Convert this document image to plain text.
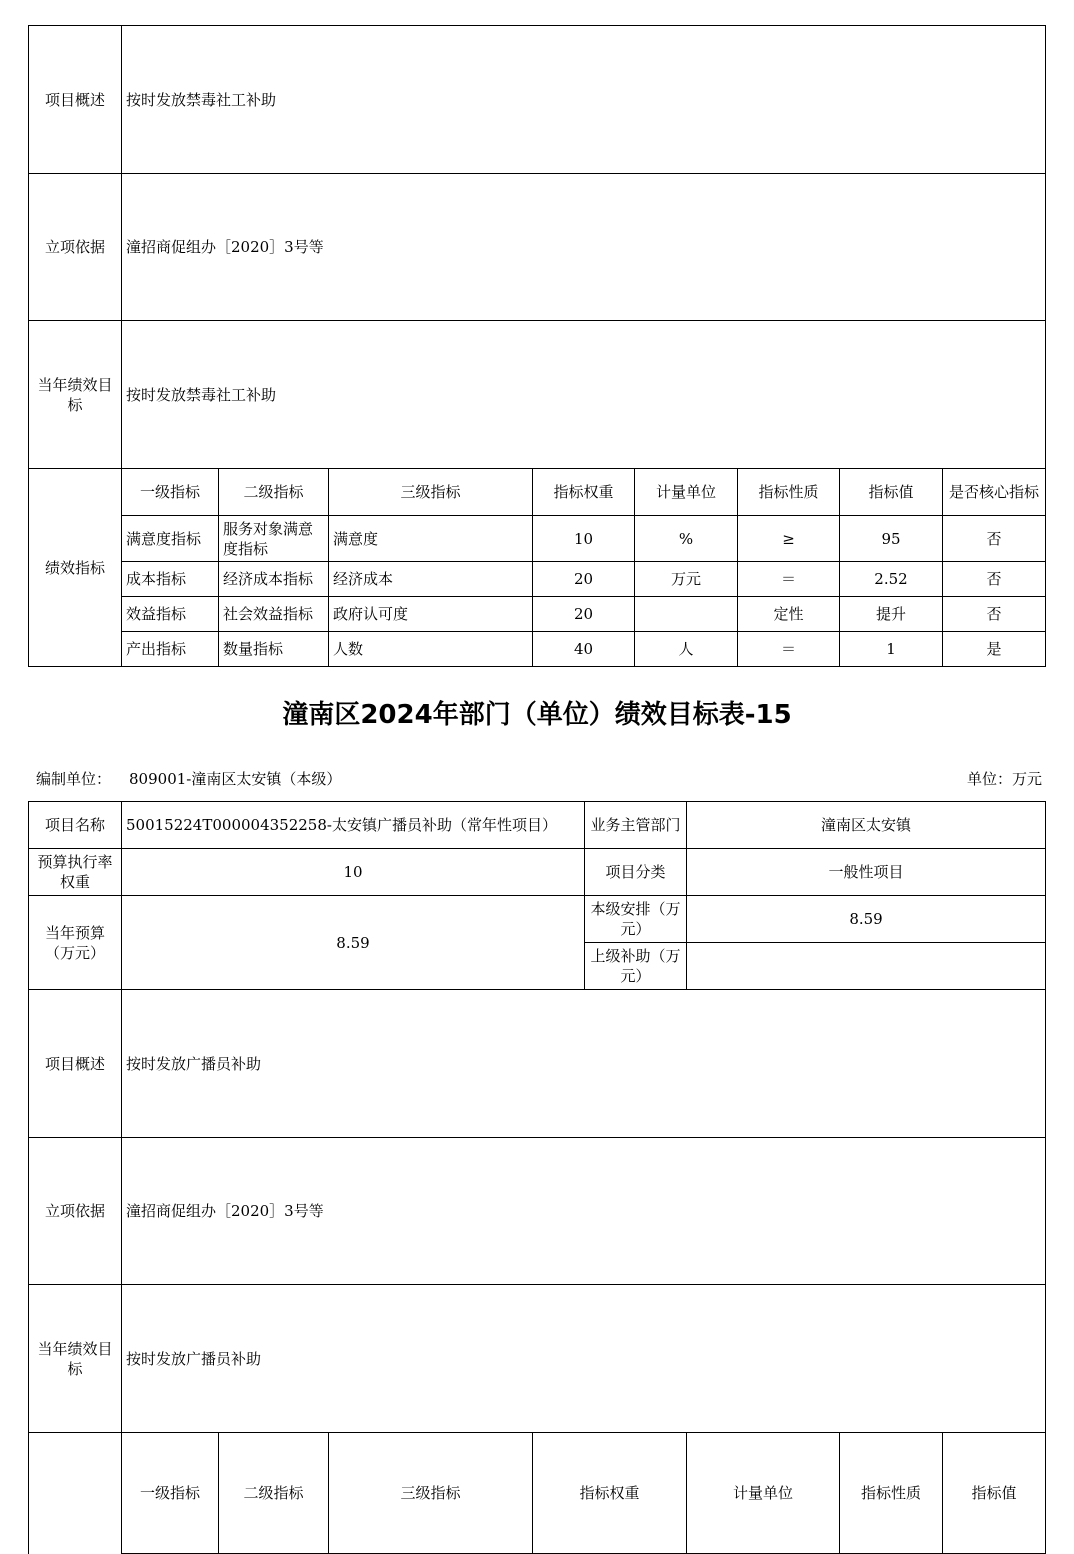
项目概述	按时发放禁毒社工补助							
立项依据	潼招商促组办［2020］3号等							
当年绩效目标	按时发放禁毒社工补助							
绩效指标	一级指标	二级指标	三级指标	指标权重	计量单位	指标性质	指标值	是否核心指标
	满意度指标	服务对象满意度指标	满意度	10	%	≥	95	否
	成本指标	经济成本指标	经济成本	20	万元	＝	2.52	否
	效益指标	社会效益指标	政府认可度	20		定性	提升	否
	产出指标	数量指标	人数	40	人	＝	1	是
潼南区2024年部门（单位）绩效目标表-15
编制单位： 809001-潼南区太安镇（本级）	单位：万元
项目名称	50015224T000004352258-太安镇广播员补助（常年性项目）				业务主管部门	潼南区太安镇			
预算执行率权重	10				项目分类	一般性项目			
当年预算（万元）	8.59				本级安排（万元）	8.59			
					上级补助（万元）				
项目概述	按时发放广播员补助								
立项依据	潼招商促组办［2020］3号等								
当年绩效目标	按时发放广播员补助								
	一级指标	二级指标	三级指标	指标权重		计量单位	指标性质	指标值	
